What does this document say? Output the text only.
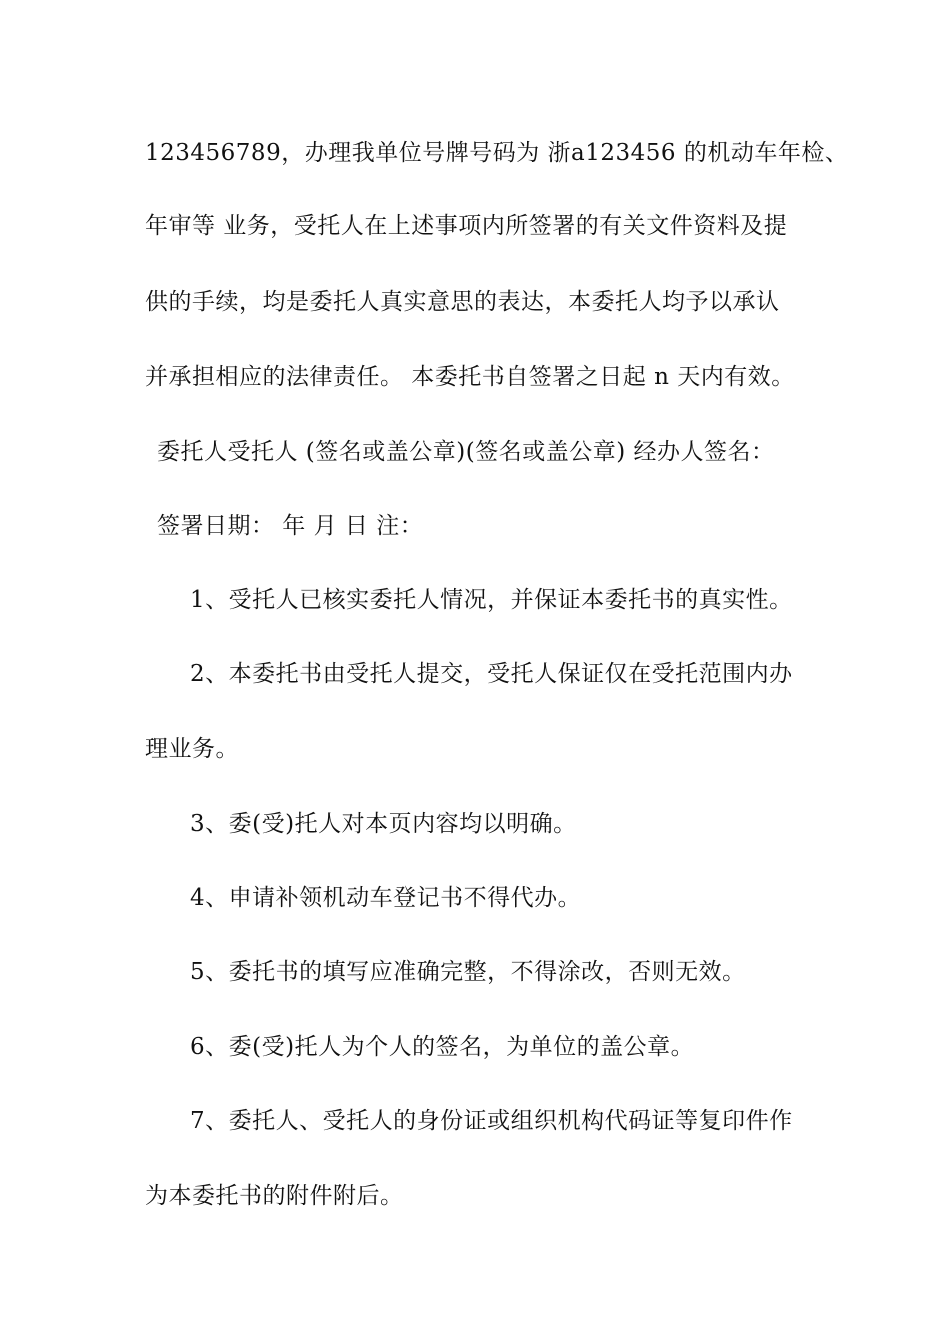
123456789，办理我单位号牌号码为 浙a123456 的机动车年检、
年审等 业务，受托人在上述事项内所签署的有关文件资料及提
供的手续，均是委托人真实意思的表达，本委托人均予以承认
并承担相应的法律责任。 本委托书自签署之日起 n 天内有效。
委托人受托人 (签名或盖公章)(签名或盖公章) 经办人签名：
签署日期： 年 月 日 注：
1、受托人已核实委托人情况，并保证本委托书的真实性。
2、本委托书由受托人提交，受托人保证仅在受托范围内办
理业务。
3、委(受)托人对本页内容均以明确。
4、申请补领机动车登记书不得代办。
5、委托书的填写应准确完整，不得涂改，否则无效。
6、委(受)托人为个人的签名，为单位的盖公章。
7、委托人、受托人的身份证或组织机构代码证等复印件作
为本委托书的附件附后。
